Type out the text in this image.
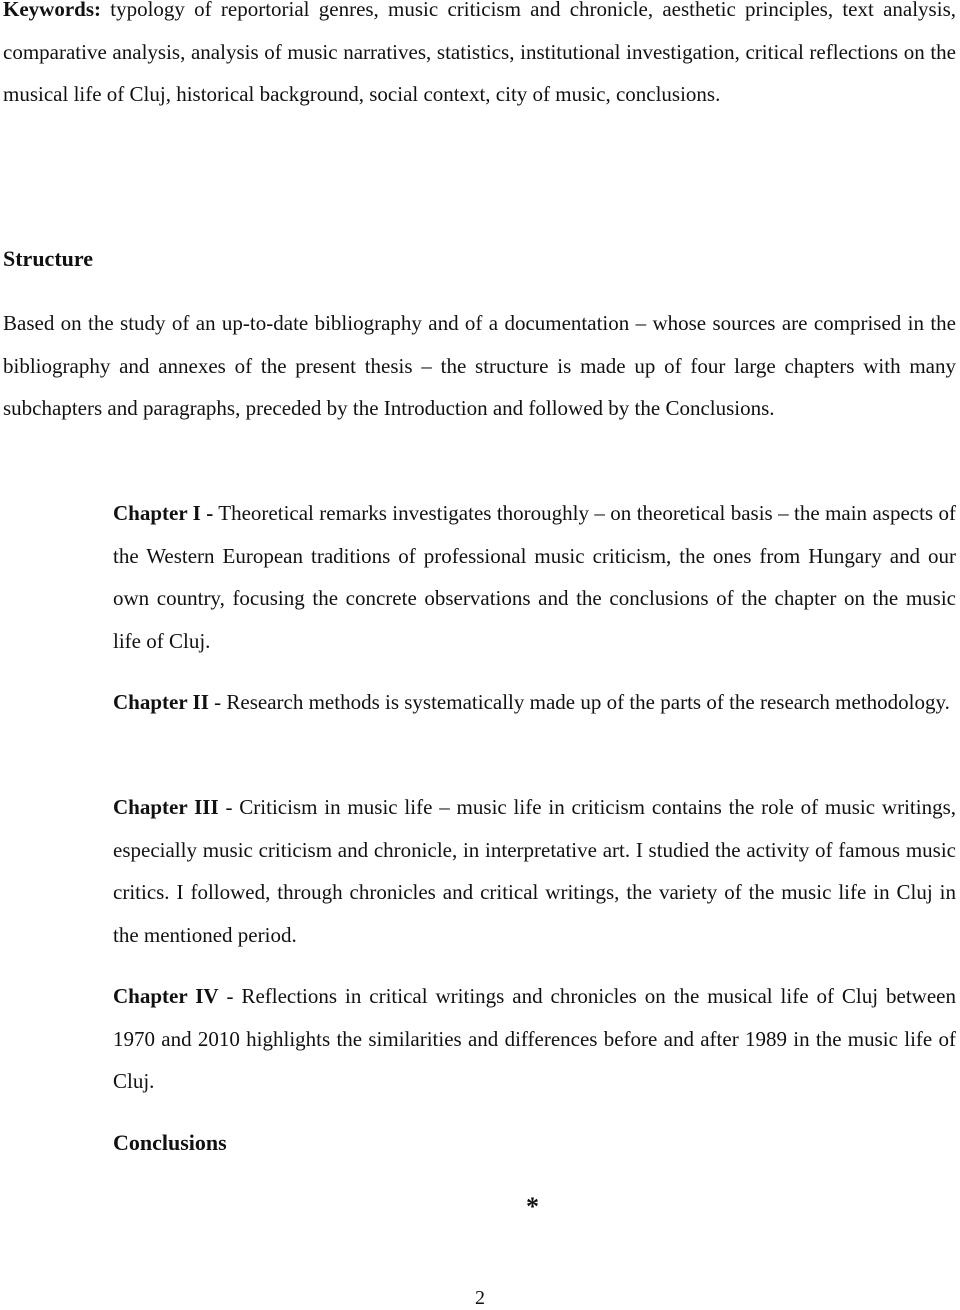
Keywords: typology of reportorial genres, music criticism and chronicle, aesthetic principles, text analysis, comparative analysis, analysis of music narratives, statistics, institutional investigation, critical reflections on the musical life of Cluj, historical background, social context, city of music, conclusions.
Structure
Based on the study of an up-to-date bibliography and of a documentation – whose sources are comprised in the bibliography and annexes of the present thesis – the structure is made up of four large chapters with many subchapters and paragraphs, preceded by the Introduction and followed by the Conclusions.
Chapter I - Theoretical remarks investigates thoroughly – on theoretical basis – the main aspects of the Western European traditions of professional music criticism, the ones from Hungary and our own country, focusing the concrete observations and the conclusions of the chapter on the music life of Cluj.
Chapter II - Research methods is systematically made up of the parts of the research methodology.
Chapter III - Criticism in music life – music life in criticism contains the role of music writings, especially music criticism and chronicle, in interpretative art. I studied the activity of famous music critics. I followed, through chronicles and critical writings, the variety of the music life in Cluj in the mentioned period.
Chapter IV - Reflections in critical writings and chronicles on the musical life of Cluj between 1970 and 2010 highlights the similarities and differences before and after 1989 in the music life of Cluj.
Conclusions
*
2
